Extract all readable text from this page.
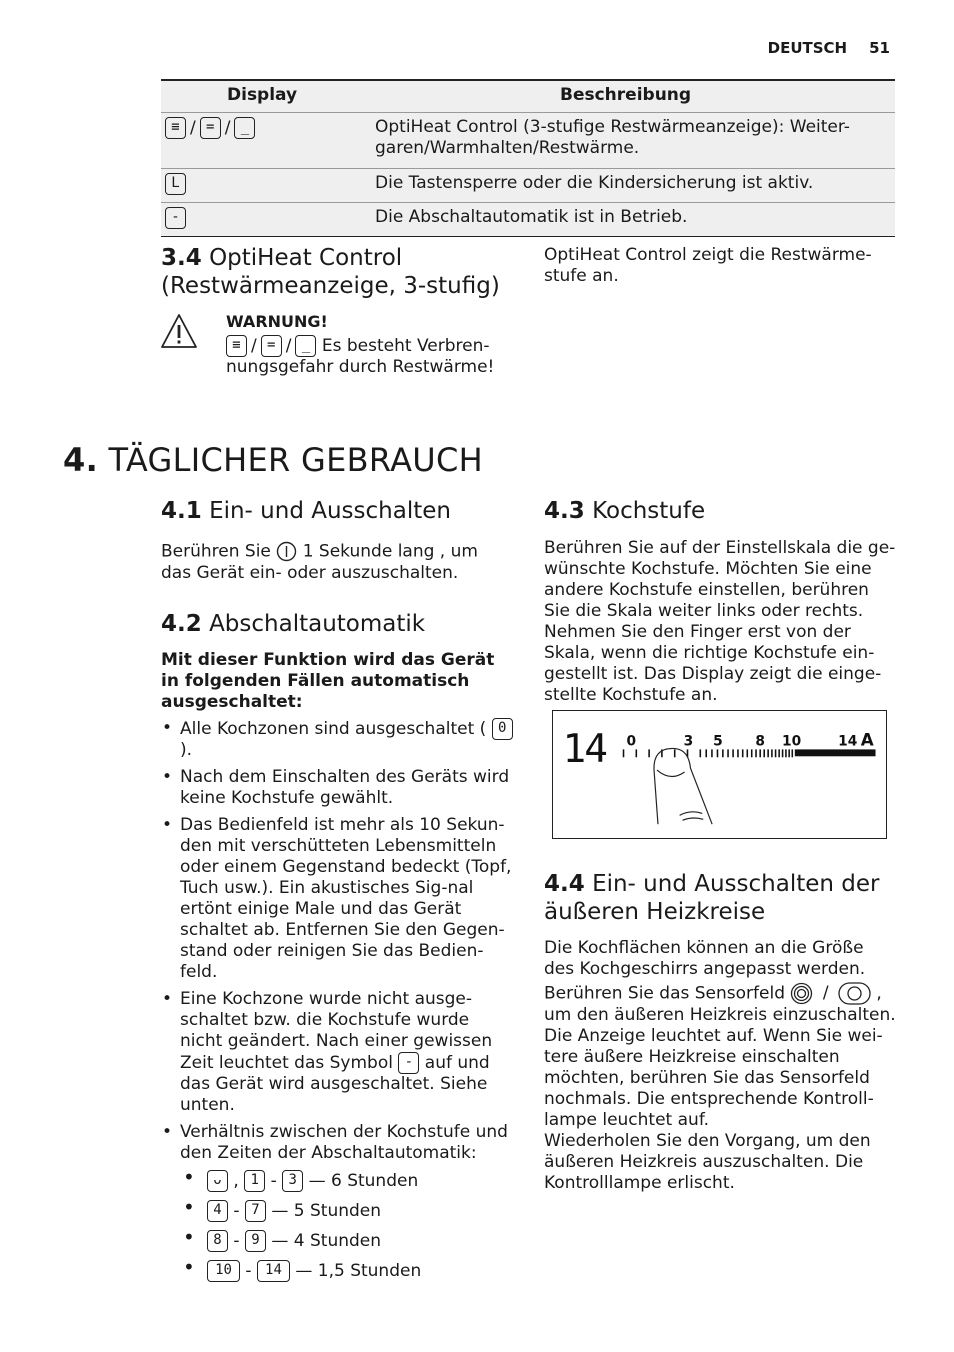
DEUTSCH 51
Display	Beschreibung
≡ / = / _	OptiHeat Control (3-stufige Restwärmeanzeige): Weiter-garen/Warmhalten/Restwärme.
L	Die Tastensperre oder die Kindersicherung ist aktiv.
-	Die Abschaltautomatik ist in Betrieb.
3.4 OptiHeat Control (Restwärmeanzeige, 3-stufig)

OptiHeat Control zeigt die Restwärme-stufe an.

WARNUNG!

≡ / = / _ Es besteht Verbren-nungsgefahr durch Restwärme!

4. TÄGLICHER GEBRAUCH
4.1 Ein- und Ausschalten

Berühren Sie 1 Sekunde lang , um das Gerät ein- oder auszuschalten.

4.2 Abschaltautomatik

Mit dieser Funktion wird das Gerät in folgenden Fällen automatisch ausgeschaltet:

• Alle Kochzonen sind ausgeschaltet ( 0).
• Nach dem Einschalten des Geräts wird keine Kochstufe gewählt.
• Das Bedienfeld ist mehr als 10 Sekun-den mit verschütteten Lebensmitteln oder einem Gegenstand bedeckt (Topf, Tuch usw.). Ein akustisches Sig-nal ertönt einige Male und das Gerät schaltet ab. Entfernen Sie den Gegen-stand oder reinigen Sie das Bedien-feld.
• Eine Kochzone wurde nicht ausge-schaltet bzw. die Kochstufe wurde nicht geändert. Nach einer gewissen Zeit leuchtet das Symbol - auf und das Gerät wird ausgeschaltet. Siehe unten.
• Verhältnis zwischen der Kochstufe und den Zeiten der Abschaltautomatik:
• ᴗ , 1 - 3 — 6 Stunden
• 4 - 7 — 5 Stunden
• 8 - 9 — 4 Stunden
• 10 - 14 — 1,5 Stunden
4.3 Kochstufe

Berühren Sie auf der Einstellskala die ge-wünschte Kochstufe. Möchten Sie eine andere Kochstufe einstellen, berühren Sie die Skala weiter links oder rechts. Nehmen Sie den Finger erst von der Skala, wenn die richtige Kochstufe ein-gestellt ist. Das Display zeigt die einge-stellte Kochstufe an.

14 0	3 5 8 10	14 A
4.4 Ein- und Ausschalten der äußeren Heizkreise

Die Kochflächen können an die Größe des Kochgeschirrs angepasst werden.

Berühren Sie das Sensorfeld /	, um den äußeren Heizkreis einzuschalten. Die Anzeige leuchtet auf. Wenn Sie wei-tere äußere Heizkreise einschalten möchten, berühren Sie das Sensorfeld nochmals. Die entsprechende Kontroll-lampe leuchtet auf.

Wiederholen Sie den Vorgang, um den äußeren Heizkreis auszuschalten. Die Kontrolllampe erlischt.
